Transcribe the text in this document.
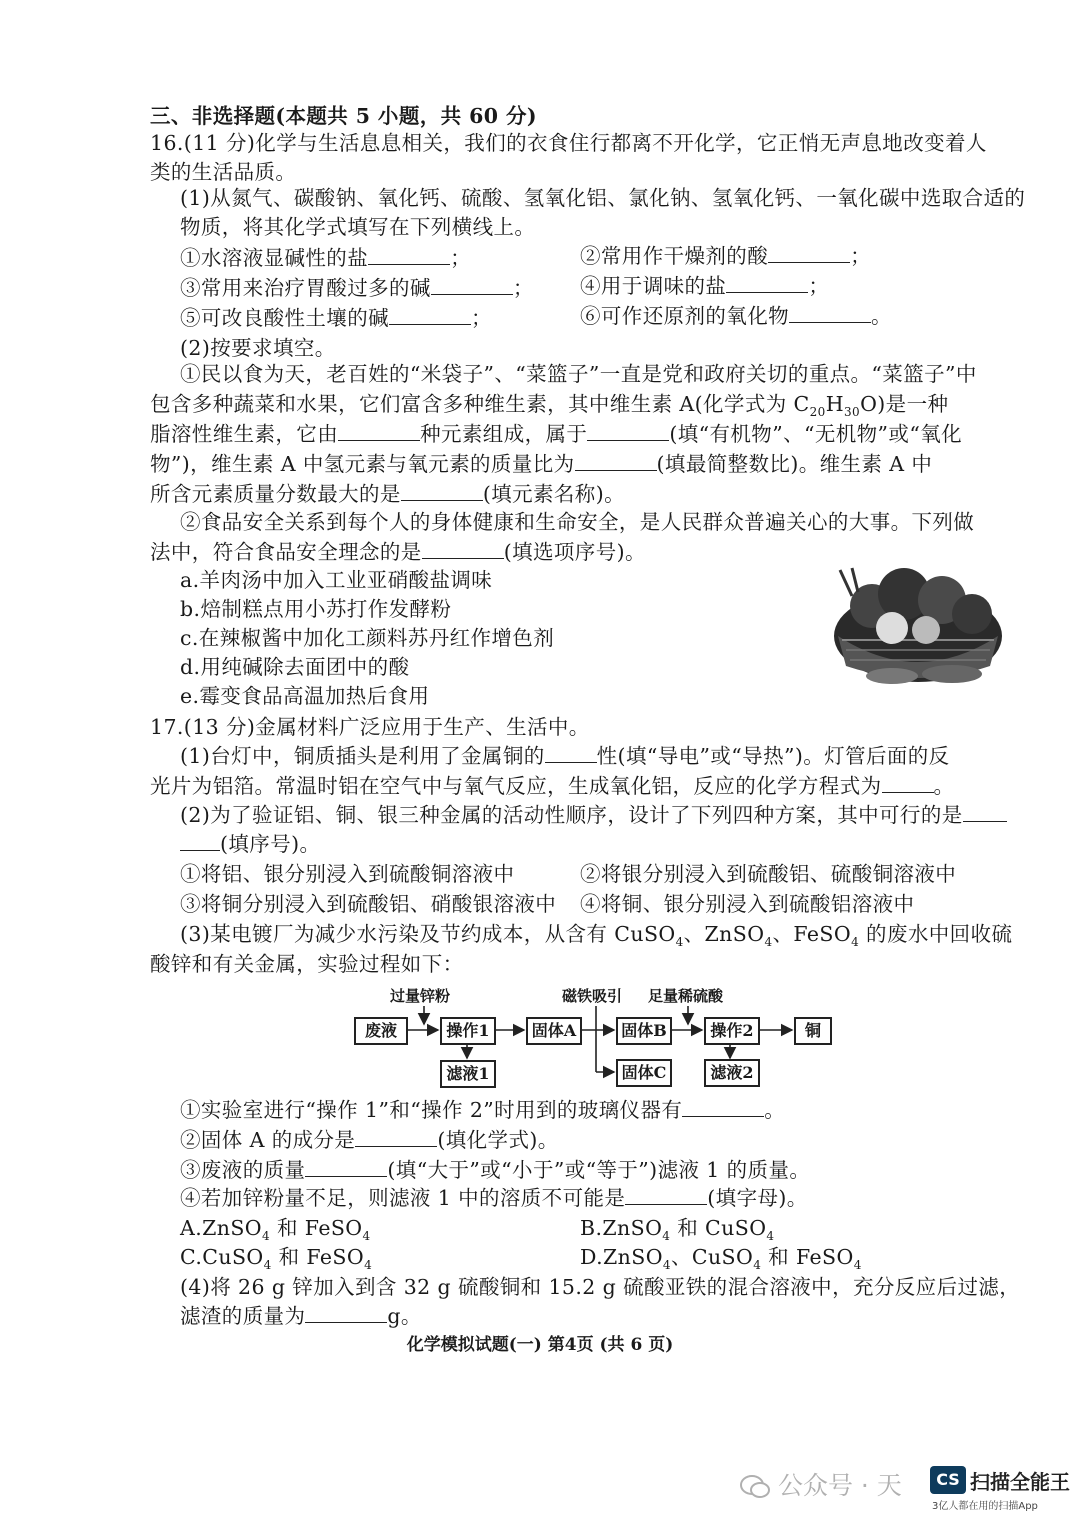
三、非选择题(本题共 5 小题，共 60 分)
16.(11 分)化学与生活息息相关，我们的衣食住行都离不开化学，它正悄无声息地改变着人
类的生活品质。
(1)从氮气、碳酸钠、氧化钙、硫酸、氢氧化铝、氯化钠、氢氧化钙、一氧化碳中选取合适的
物质，将其化学式填写在下列横线上。
①水溶液显碱性的盐	；	②常用作干燥剂的酸	；
③常用来治疗胃酸过多的碱	； ④用于调味的盐	；
⑤可改良酸性土壤的碱	；	⑥可作还原剂的氧化物	。
(2)按要求填空。
①民以食为天，老百姓的“米袋子”、“菜篮子”一直是党和政府关切的重点。“菜篮子”中
包含多种蔬菜和水果，它们富含多种维生素，其中维生素 A(化学式为 $C_{20}H_{30}O$)是一种
脂溶性维生素，它由	种元素组成，属于	(填“有机物”、“无机物”或“氧化
物”)，维生素 A 中氢元素与氧元素的质量比为	(填最简整数比)。维生素 A 中
所含元素质量分数最大的是	(填元素名称)。
②食品安全关系到每个人的身体健康和生命安全，是人民群众普遍关心的大事。下列做
法中，符合食品安全理念的是	(填选项序号)。
a.羊肉汤中加入工业亚硝酸盐调味
b.焙制糕点用小苏打作发酵粉
c.在辣椒酱中加化工颜料苏丹红作增色剂
d.用纯碱除去面团中的酸
e.霉变食品高温加热后食用
17.(13 分)金属材料广泛应用于生产、生活中。
(1)台灯中，铜质插头是利用了金属铜的	性(填“导电”或“导热”)。灯管后面的反
光片为铝箔。常温时铝在空气中与氧气反应，生成氧化铝，反应的化学方程式为	。
(2)为了验证铝、铜、银三种金属的活动性顺序，设计了下列四种方案，其中可行的是
(填序号)。
①将铝、银分别浸入到硫酸铜溶液中	②将银分别浸入到硫酸铝、硫酸铜溶液中
③将铜分别浸入到硫酸铝、硝酸银溶液中 ④将铜、银分别浸入到硫酸铝溶液中
(3)某电镀厂为减少水污染及节约成本，从含有 CuSO$_4$、ZnSO$_4$、FeSO$_4$ 的废水中回收硫
酸锌和有关金属，实验过程如下：
过量锌粉	磁铁吸引 足量稀硫酸
废液	操作1	固体A	固体B	操作2	铜
滤液1	固体C	滤液2
①实验室进行“操作 1”和“操作 2”时用到的玻璃仪器有	。
②固体 A 的成分是	(填化学式)。
③废液的质量	(填“大于”或“小于”或“等于”)滤液 1 的质量。
④若加锌粉量不足，则滤液 1 中的溶质不可能是	(填字母)。
A.ZnSO$_4$ 和 FeSO$_4$	B.ZnSO$_4$ 和 CuSO$_4$
C.CuSO$_4$ 和 FeSO$_4$	D.ZnSO$_4$、CuSO$_4$ 和 FeSO$_4$
(4)将 26 g 锌加入到含 32 g 硫酸铜和 15.2 g 硫酸亚铁的混合溶液中，充分反应后过滤，
滤渣的质量为	g。
化学模拟试题(一) 第4页 (共 6 页)
公众号 · 天	CS 扫描全能王
3亿人都在用的扫描App
